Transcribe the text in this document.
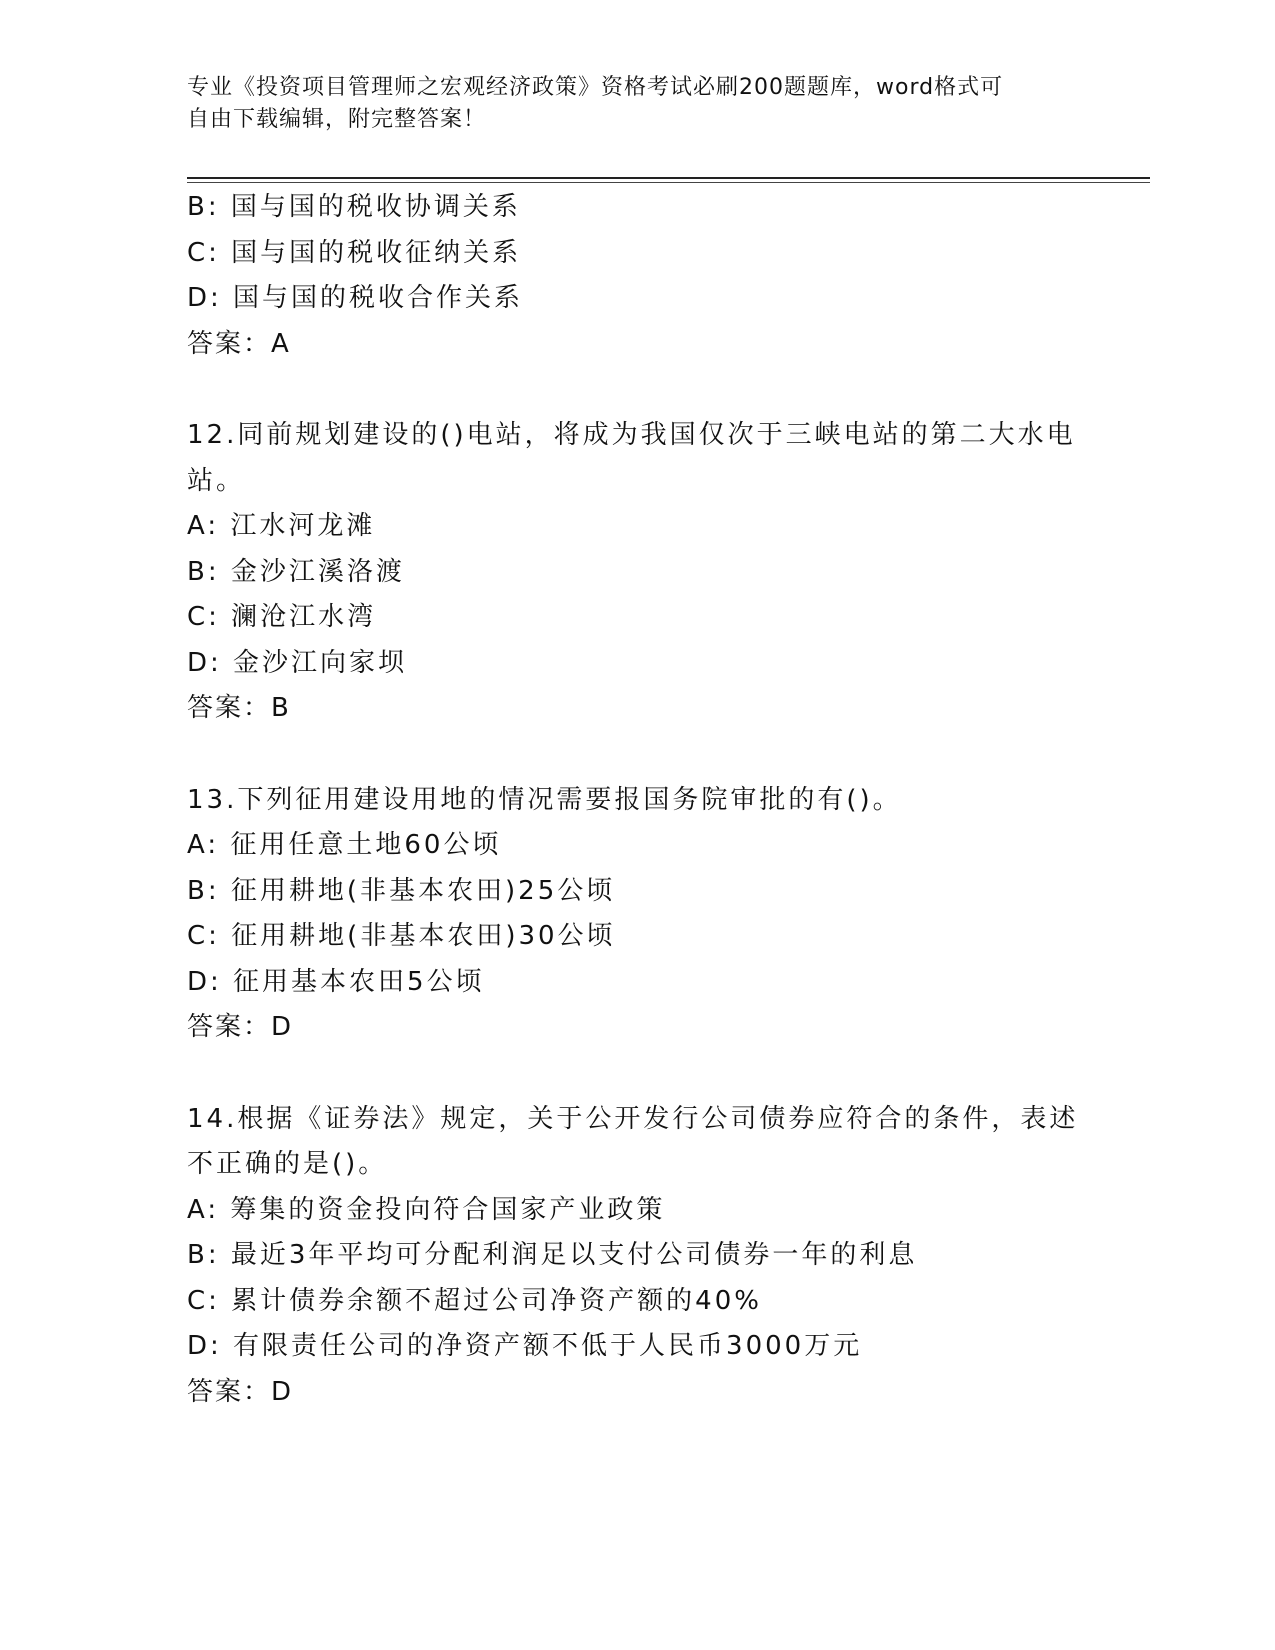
专业《投资项目管理师之宏观经济政策》资格考试必刷200题题库，word格式可
自由下载编辑，附完整答案！
B: 国与国的税收协调关系
C: 国与国的税收征纳关系
D: 国与国的税收合作关系
答案：A
12.同前规划建设的()电站，将成为我国仅次于三峡电站的第二大水电
站。
A: 江水河龙滩
B: 金沙江溪洛渡
C: 澜沧江水湾
D: 金沙江向家坝
答案：B
13.下列征用建设用地的情况需要报国务院审批的有()。
A: 征用任意土地60公顷
B: 征用耕地(非基本农田)25公顷
C: 征用耕地(非基本农田)30公顷
D: 征用基本农田5公顷
答案：D
14.根据《证券法》规定，关于公开发行公司债券应符合的条件，表述
不正确的是()。
A: 筹集的资金投向符合国家产业政策
B: 最近3年平均可分配利润足以支付公司债券一年的利息
C: 累计债券余额不超过公司净资产额的40%
D: 有限责任公司的净资产额不低于人民币3000万元
答案：D
